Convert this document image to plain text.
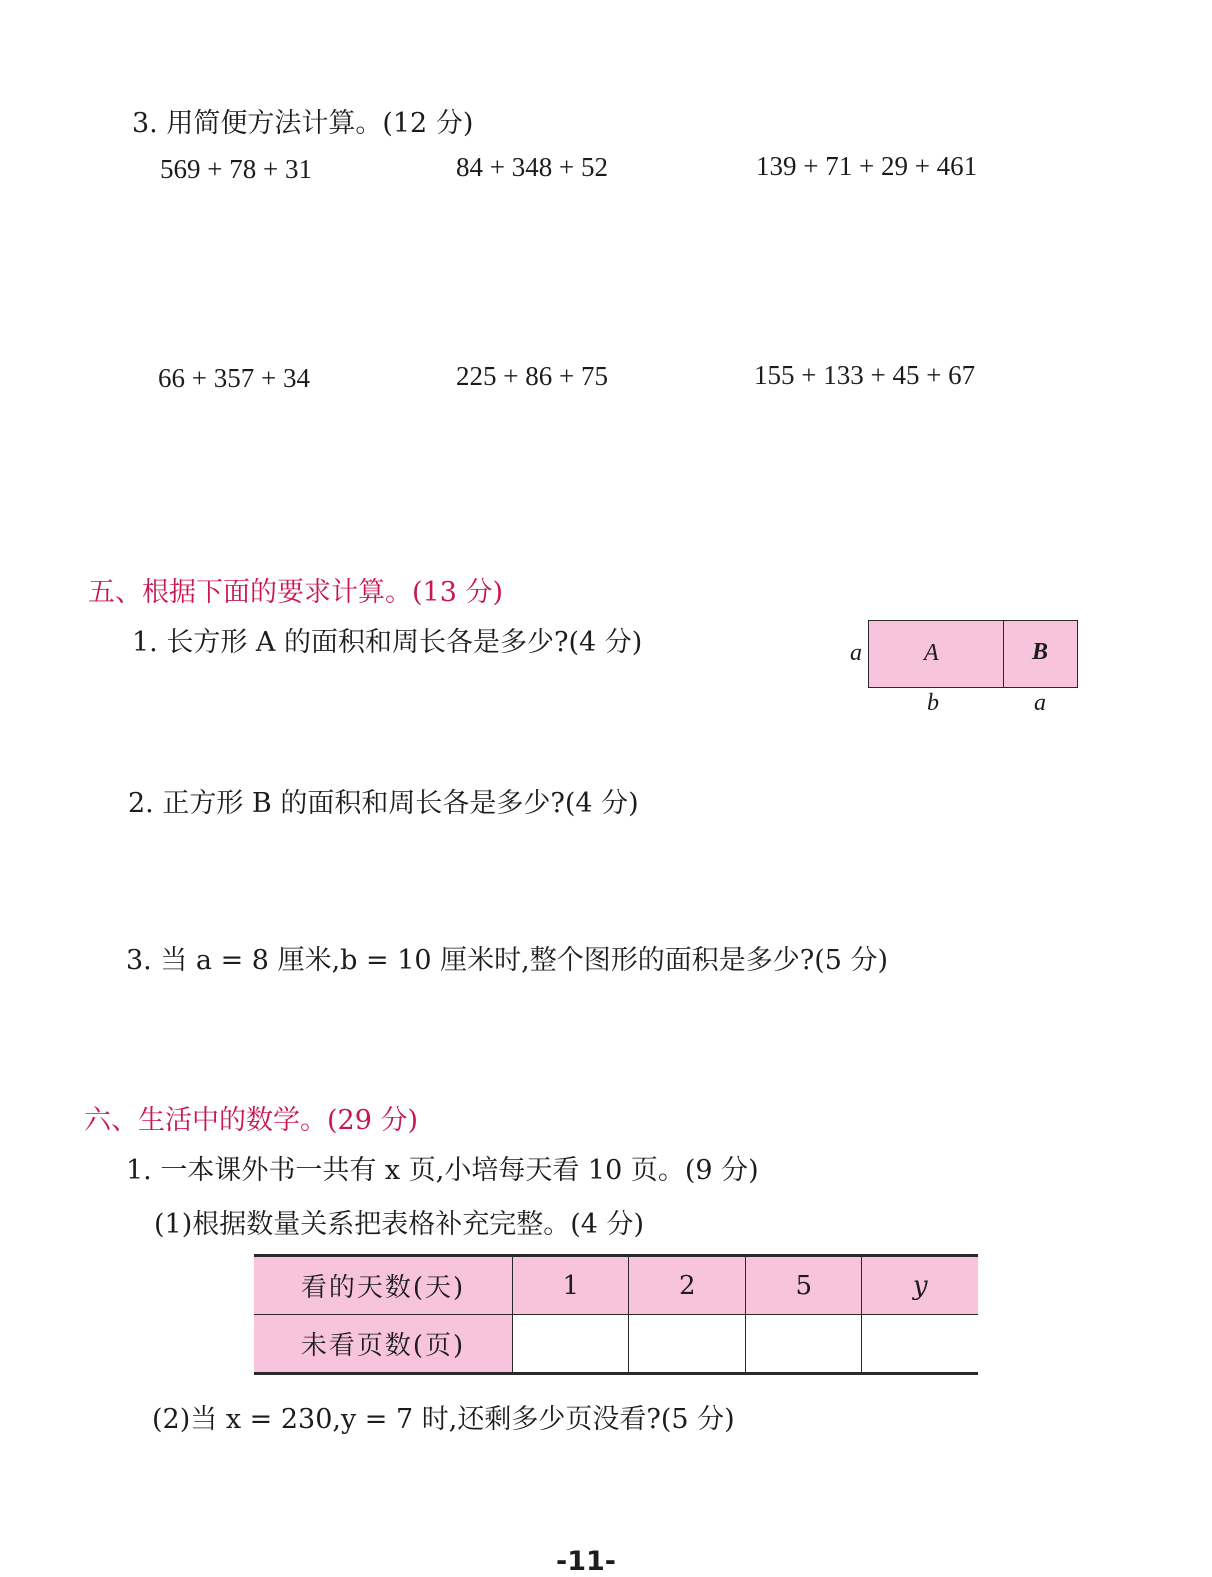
3. 用简便方法计算。(12 分)
569 + 78 + 31	84 + 348 + 52	139 + 71 + 29 + 461
66 + 357 + 34	225 + 86 + 75	155 + 133 + 45 + 67
五、根据下面的要求计算。(13 分)
1. 长方形 A 的面积和周长各是多少?(4 分)	a	A	B
b	a
2. 正方形 B 的面积和周长各是多少?(4 分)
3. 当 a = 8 厘米,b = 10 厘米时,整个图形的面积是多少?(5 分)
六、生活中的数学。(29 分)
1. 一本课外书一共有 x 页,小培每天看 10 页。(9 分)
(1)根据数量关系把表格补充完整。(4 分)
看的天数(天)	1	2	5	y
未看页数(页)				
(2)当 x = 230,y = 7 时,还剩多少页没看?(5 分)
-11-
